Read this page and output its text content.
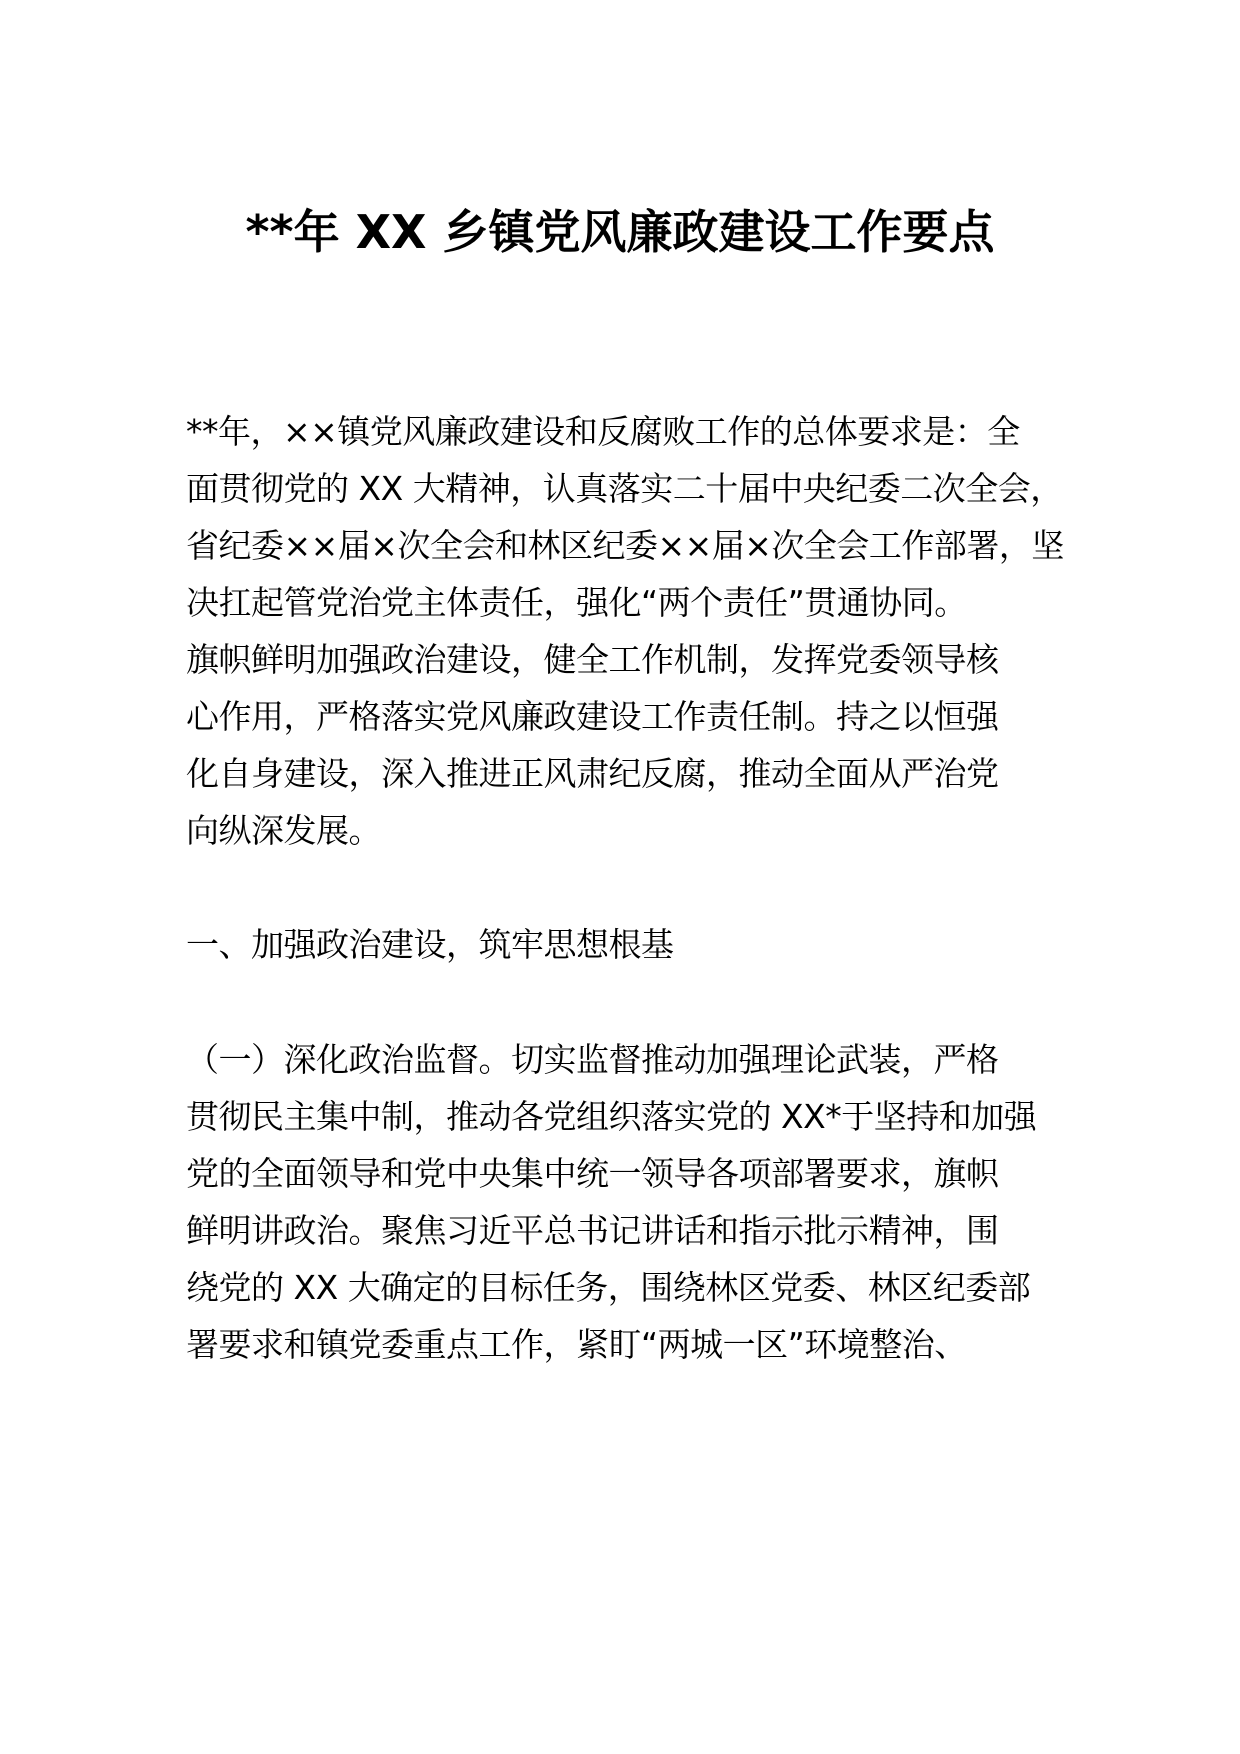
**年 XX 乡镇党风廉政建设工作要点
**年，××镇党风廉政建设和反腐败工作的总体要求是：全
面贯彻党的 XX 大精神，认真落实二十届中央纪委二次全会，
省纪委××届×次全会和林区纪委××届×次全会工作部署，坚
决扛起管党治党主体责任，强化“两个责任”贯通协同。
旗帜鲜明加强政治建设，健全工作机制，发挥党委领导核
心作用，严格落实党风廉政建设工作责任制。持之以恒强
化自身建设，深入推进正风肃纪反腐，推动全面从严治党
向纵深发展。
一、加强政治建设，筑牢思想根基
（一）深化政治监督。切实监督推动加强理论武装，严格
贯彻民主集中制，推动各党组织落实党的 XX*于坚持和加强
党的全面领导和党中央集中统一领导各项部署要求，旗帜
鲜明讲政治。聚焦习近平总书记讲话和指示批示精神，围
绕党的 XX 大确定的目标任务，围绕林区党委、林区纪委部
署要求和镇党委重点工作，紧盯“两城一区”环境整治、
